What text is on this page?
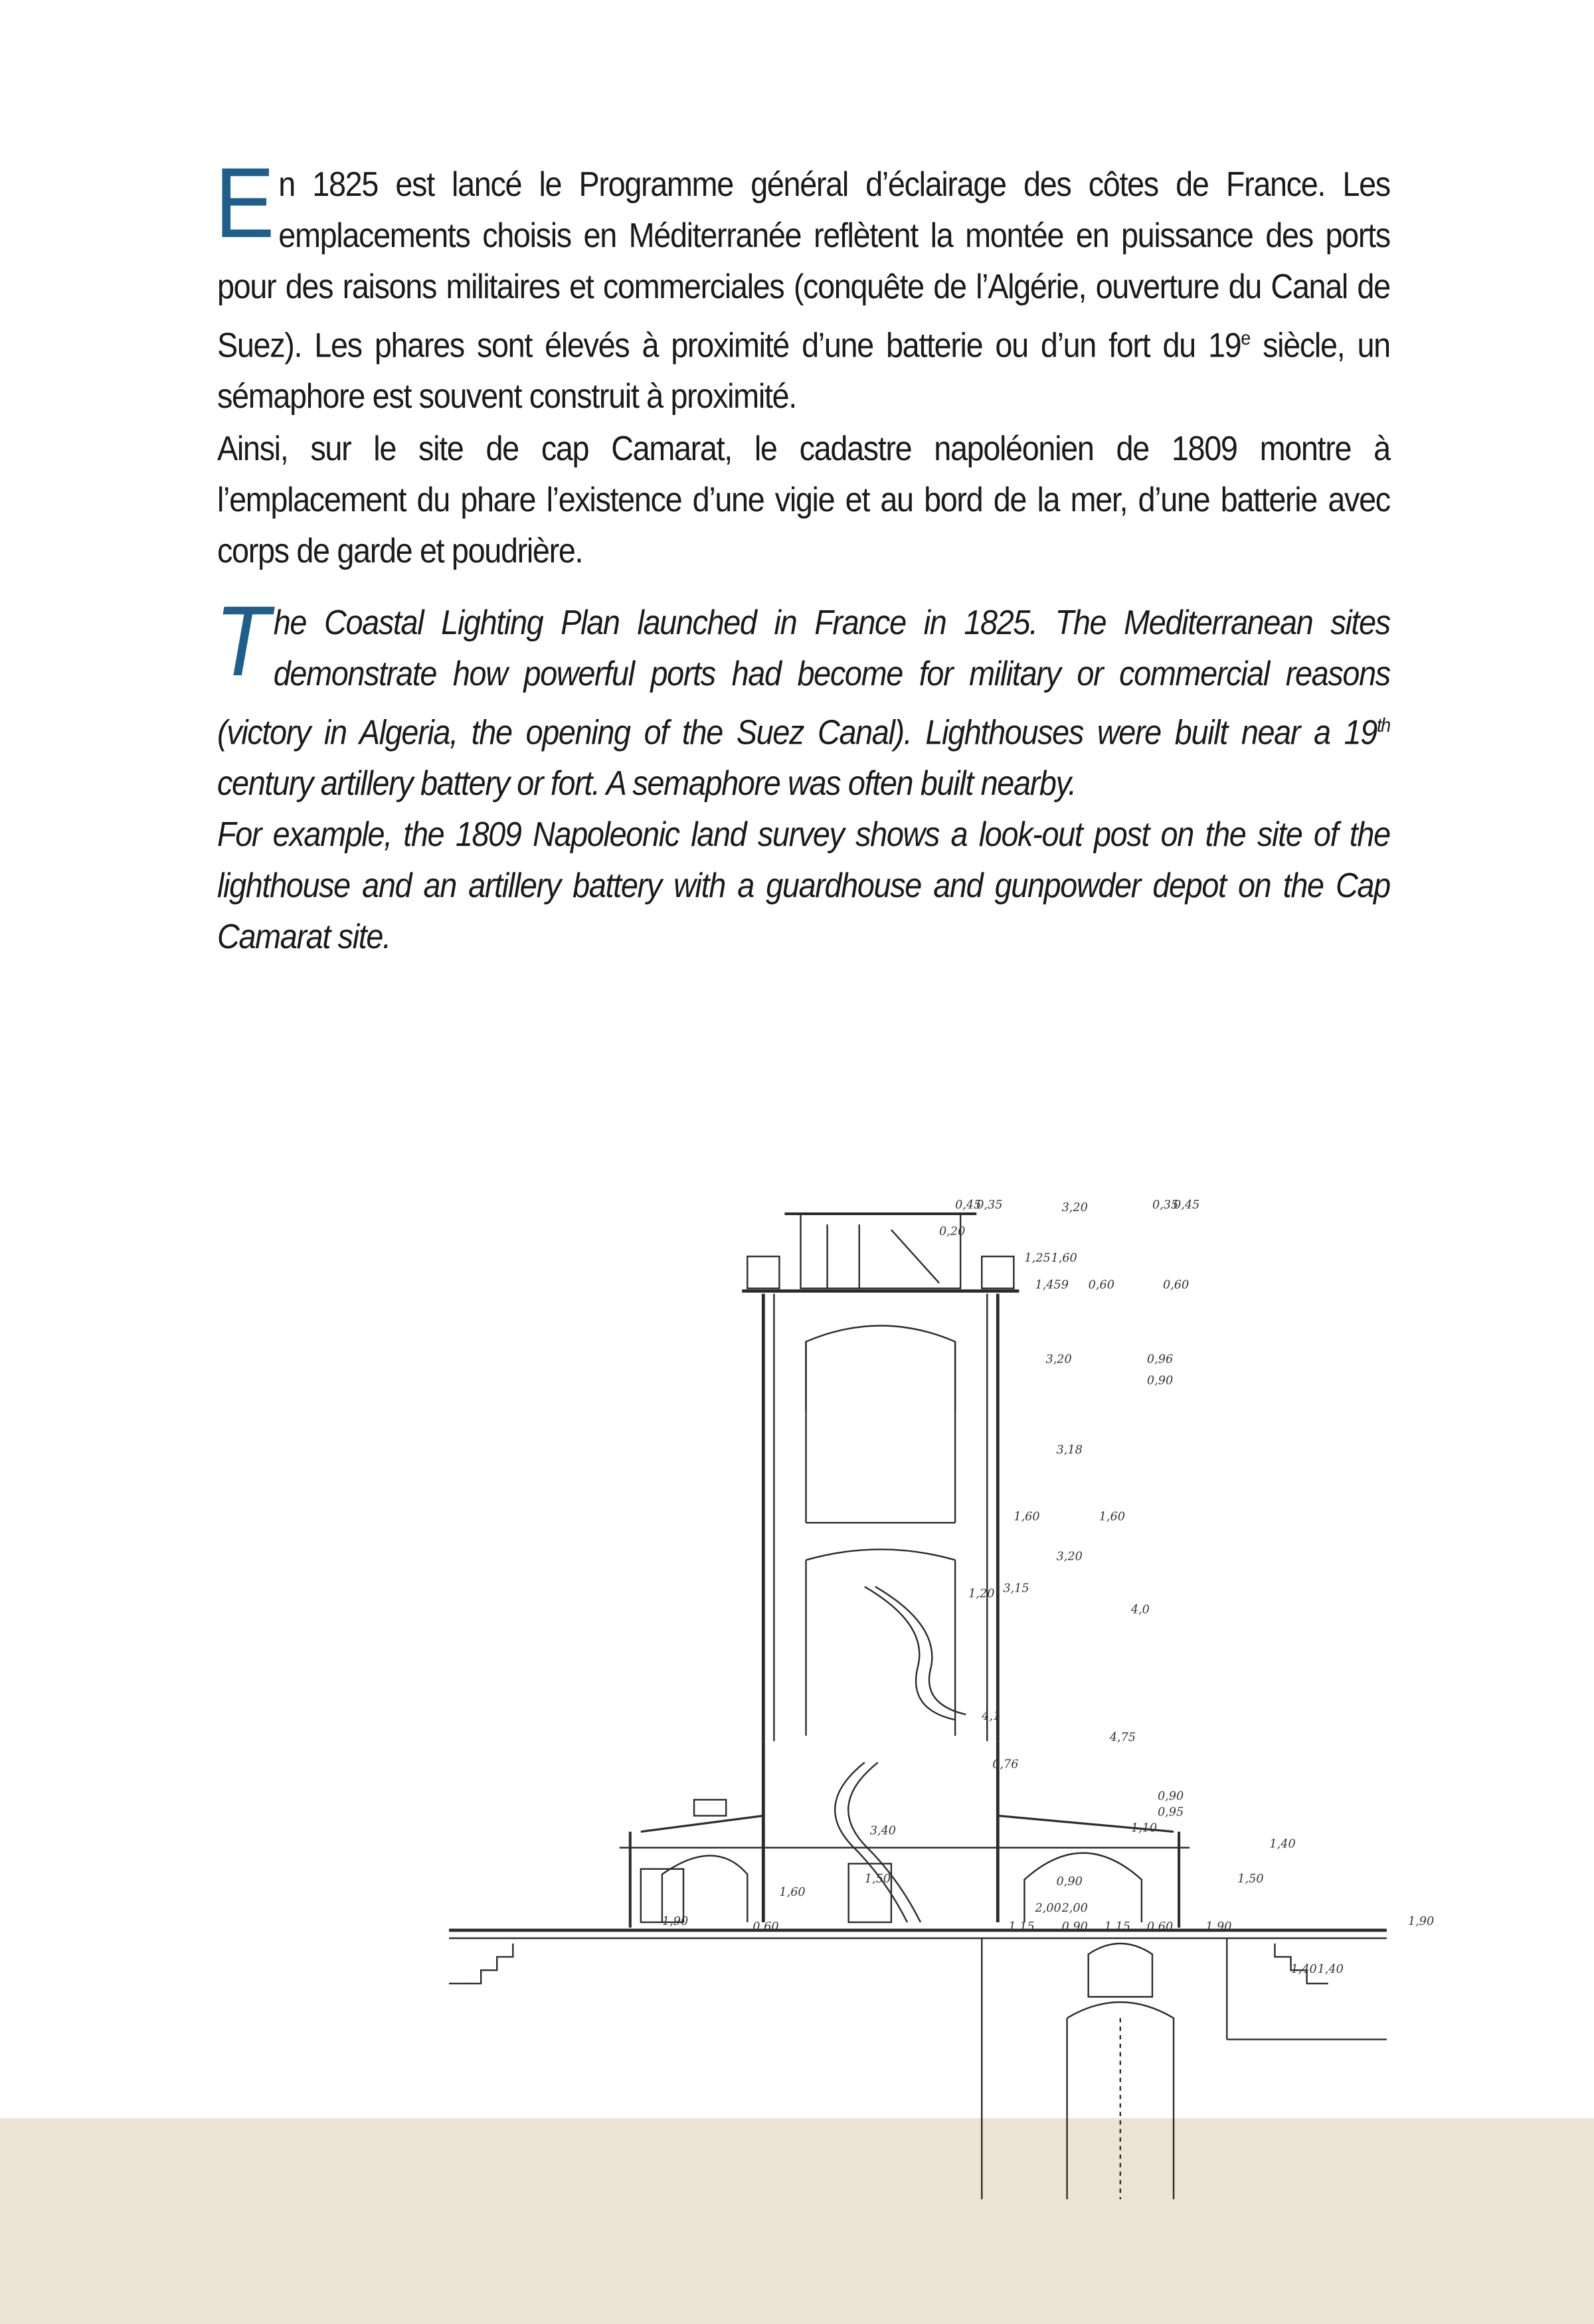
En 1825 est lancé le Programme général d’éclairage des côtes de France. Les emplacements choisis en Méditerranée reflètent la montée en puissance des ports pour des raisons militaires et commerciales (conquête de l’Algérie, ouverture du Canal de Suez). Les phares sont élevés à proximité d’une batterie ou d’un fort du 19e siècle, un sémaphore est souvent construit à proximité.

Ainsi, sur le site de cap Camarat, le cadastre napoléonien de 1809 montre à l’emplacement du phare l’existence d’une vigie et au bord de la mer, d’une batterie avec corps de garde et poudrière.

The Coastal Lighting Plan launched in France in 1825. The Mediterranean sites demonstrate how powerful ports had become for military or commercial reasons (victory in Algeria, the opening of the Suez Canal). Lighthouses were built near a 19th century artillery battery or fort. A semaphore was often built nearby.

For example, the 1809 Napoleonic land survey shows a look-out post on the site of the lighthouse and an artillery battery with a guardhouse and gunpowder depot on the Cap Camarat site.

0,45
0,35	3,20	0,35
0,45
0,20
1,25 1,60
1,459 0,60	0,60
0,96
0,90
3,20
3,18
1,60	1,60
3,20
3,15
4,0
1,20
4,1
0,76
4,75
0,90
0,95
1,10
3,40
1,40
1,50	1,50
1,90
1,60
0,90
2,00 2,00
1,15 0,90 1,15 0,60	1,90
1,90
0,60
1,40 1,40
